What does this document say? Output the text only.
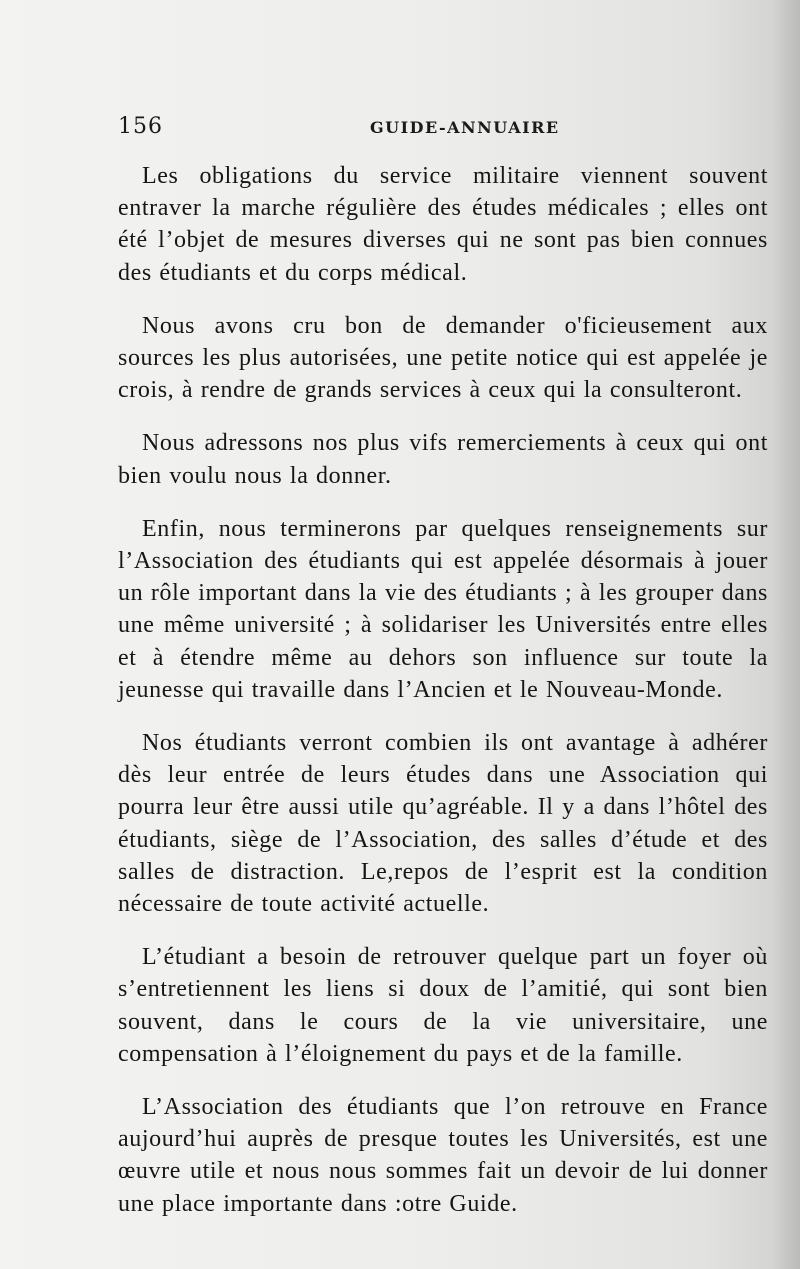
156	GUIDE-ANNUAIRE

Les obligations du service militaire viennent souvent entraver la marche régulière des études médicales ; elles ont été l’objet de mesures diverses qui ne sont pas bien connues des étudiants et du corps médical.

Nous avons cru bon de demander o'ficieusement aux sources les plus autorisées, une petite notice qui est appelée je crois, à rendre de grands services à ceux qui la consulteront.

Nous adressons nos plus vifs remerciements à ceux qui ont bien voulu nous la donner.

Enfin, nous terminerons par quelques renseignements sur l’Association des étudiants qui est appelée désormais à jouer un rôle important dans la vie des étudiants ; à les grouper dans une même université ; à solidariser les Universités entre elles et à étendre même au dehors son influence sur toute la jeunesse qui travaille dans l’Ancien et le Nouveau-Monde.

Nos étudiants verront combien ils ont avantage à adhérer dès leur entrée de leurs études dans une Association qui pourra leur être aussi utile qu’agréable. Il y a dans l’hôtel des étudiants, siège de l’Association, des salles d’étude et des salles de distraction. Le,repos de l’esprit est la condition nécessaire de toute activité actuelle.

L’étudiant a besoin de retrouver quelque part un foyer où s’entretiennent les liens si doux de l’amitié, qui sont bien souvent, dans le cours de la vie universitaire, une compensation à l’éloignement du pays et de la famille.

L’Association des étudiants que l’on retrouve en France aujourd’hui auprès de presque toutes les Universités, est une œuvre utile et nous nous sommes fait un devoir de lui donner une place importante dans :otre Guide.
